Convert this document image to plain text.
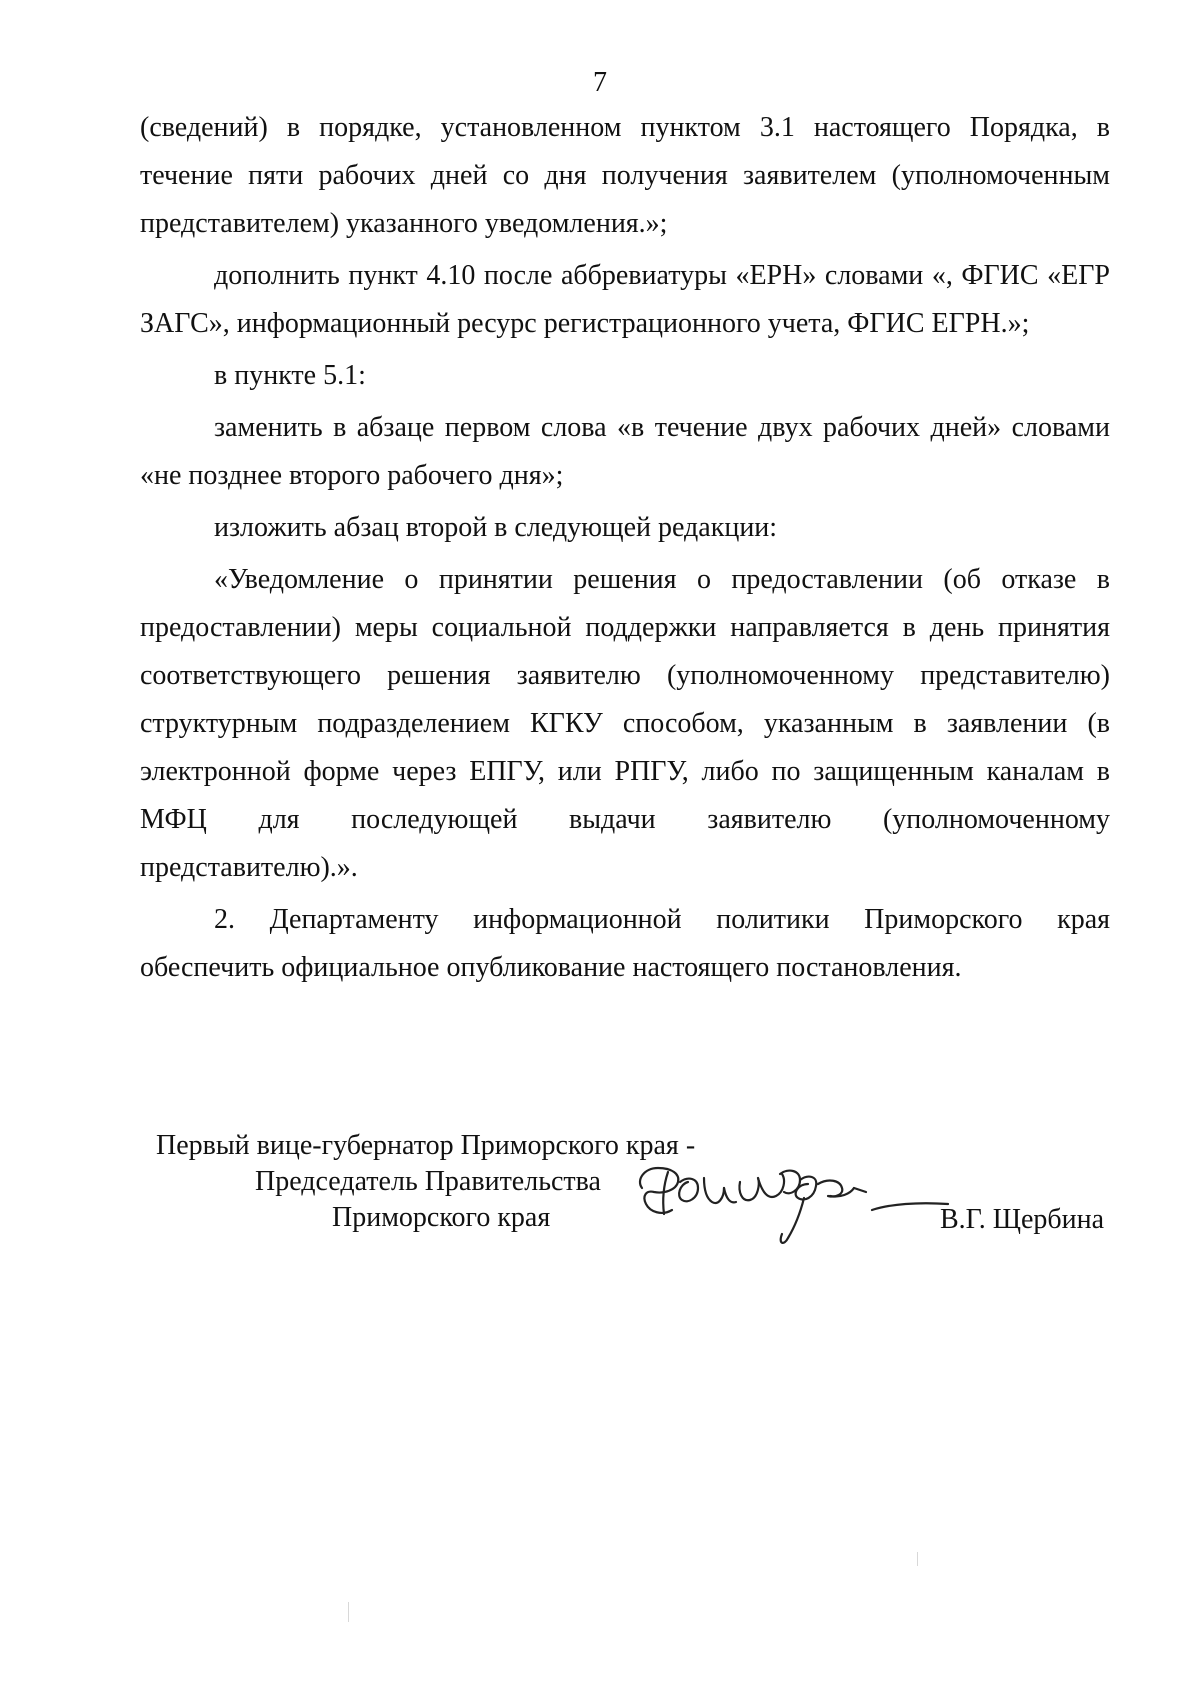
7

(сведений) в порядке, установленном пунктом 3.1 настоящего Порядка, в течение пяти рабочих дней со дня получения заявителем (уполномоченным представителем) указанного уведомления.»;

дополнить пункт 4.10 после аббревиатуры «ЕРН» словами «, ФГИС «ЕГР ЗАГС», информационный ресурс регистрационного учета, ФГИС ЕГРН.»;

в пункте 5.1:

заменить в абзаце первом слова «в течение двух рабочих дней» словами «не позднее второго рабочего дня»;

изложить абзац второй в следующей редакции:

«Уведомление о принятии решения о предоставлении (об отказе в предоставлении) меры социальной поддержки направляется в день принятия соответствующего решения заявителю (уполномоченному представителю) структурным подразделением КГКУ способом, указанным в заявлении (в электронной форме через ЕПГУ, или РПГУ, либо по защищенным каналам в МФЦ для последующей выдачи заявителю (уполномоченному представителю).».

2. Департаменту информационной политики Приморского края обеспечить официальное опубликование настоящего постановления.

Первый вице-губернатор Приморского края -
Председатель Правительства
Приморского края	В.Г. Щербина
